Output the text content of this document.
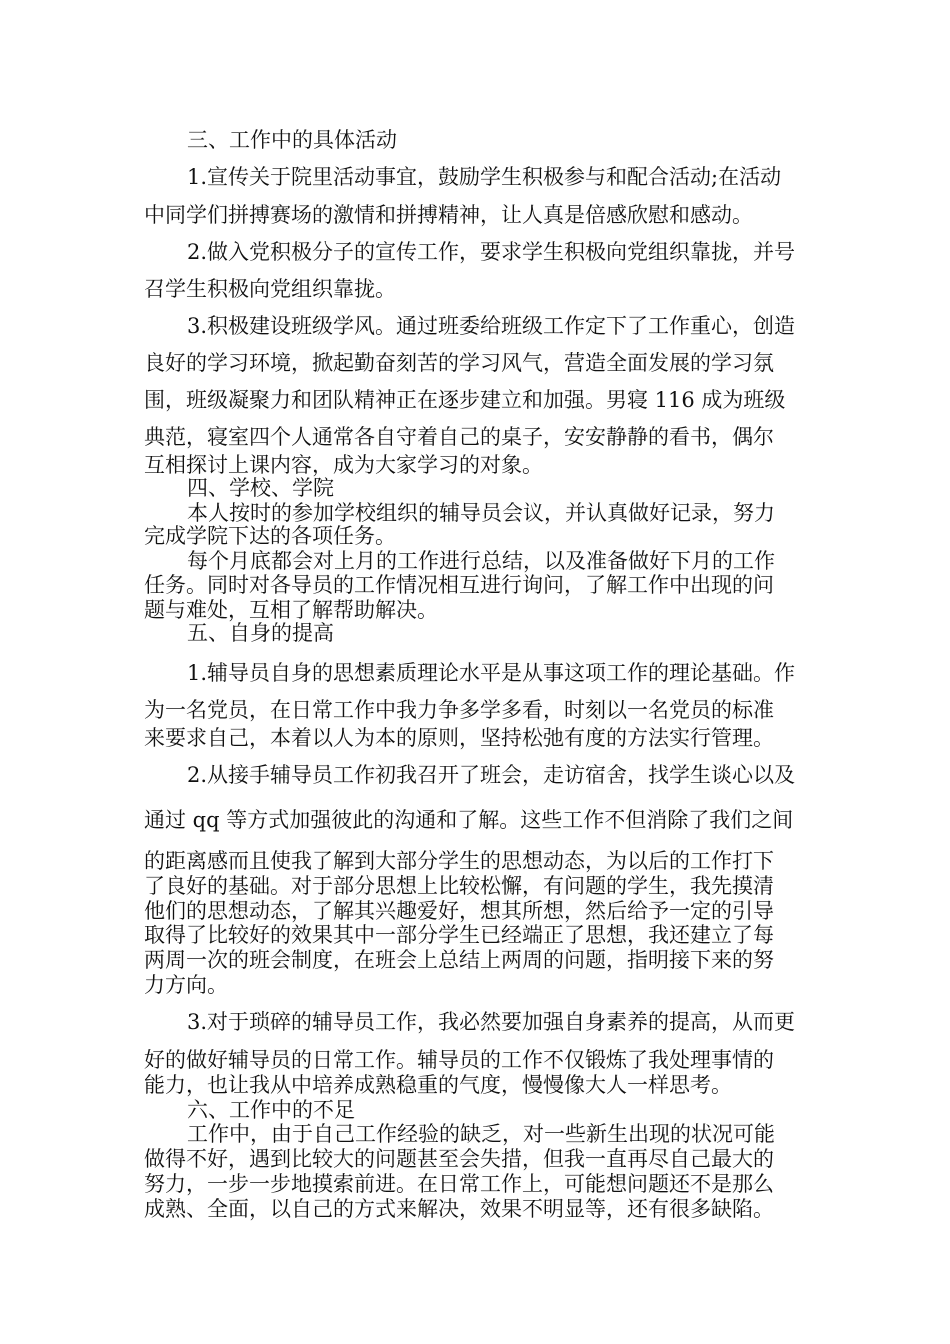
三、工作中的具体活动
1.宣传关于院里活动事宜，鼓励学生积极参与和配合活动;在活动
中同学们拼搏赛场的激情和拼搏精神，让人真是倍感欣慰和感动。
2.做入党积极分子的宣传工作，要求学生积极向党组织靠拢，并号
召学生积极向党组织靠拢。
3.积极建设班级学风。通过班委给班级工作定下了工作重心，创造
良好的学习环境，掀起勤奋刻苦的学习风气，营造全面发展的学习氛
围，班级凝聚力和团队精神正在逐步建立和加强。男寝 116 成为班级
典范，寝室四个人通常各自守着自己的桌子，安安静静的看书，偶尔
互相探讨上课内容，成为大家学习的对象。
四、学校、学院
本人按时的参加学校组织的辅导员会议，并认真做好记录，努力
完成学院下达的各项任务。
每个月底都会对上月的工作进行总结，以及准备做好下月的工作
任务。同时对各导员的工作情况相互进行询问，了解工作中出现的问
题与难处，互相了解帮助解决。
五、自身的提高
1.辅导员自身的思想素质理论水平是从事这项工作的理论基础。作
为一名党员，在日常工作中我力争多学多看，时刻以一名党员的标准
来要求自己，本着以人为本的原则，坚持松弛有度的方法实行管理。
2.从接手辅导员工作初我召开了班会，走访宿舍，找学生谈心以及
通过 qq 等方式加强彼此的沟通和了解。这些工作不但消除了我们之间
的距离感而且使我了解到大部分学生的思想动态，为以后的工作打下
了良好的基础。对于部分思想上比较松懈，有问题的学生，我先摸清
他们的思想动态，了解其兴趣爱好，想其所想，然后给予一定的引导
取得了比较好的效果其中一部分学生已经端正了思想，我还建立了每
两周一次的班会制度，在班会上总结上两周的问题，指明接下来的努
力方向。
3.对于琐碎的辅导员工作，我必然要加强自身素养的提高，从而更
好的做好辅导员的日常工作。辅导员的工作不仅锻炼了我处理事情的
能力，也让我从中培养成熟稳重的气度，慢慢像大人一样思考。
六、工作中的不足
工作中，由于自己工作经验的缺乏，对一些新生出现的状况可能
做得不好，遇到比较大的问题甚至会失措，但我一直再尽自己最大的
努力，一步一步地摸索前进。在日常工作上，可能想问题还不是那么
成熟、全面，以自己的方式来解决，效果不明显等，还有很多缺陷。
